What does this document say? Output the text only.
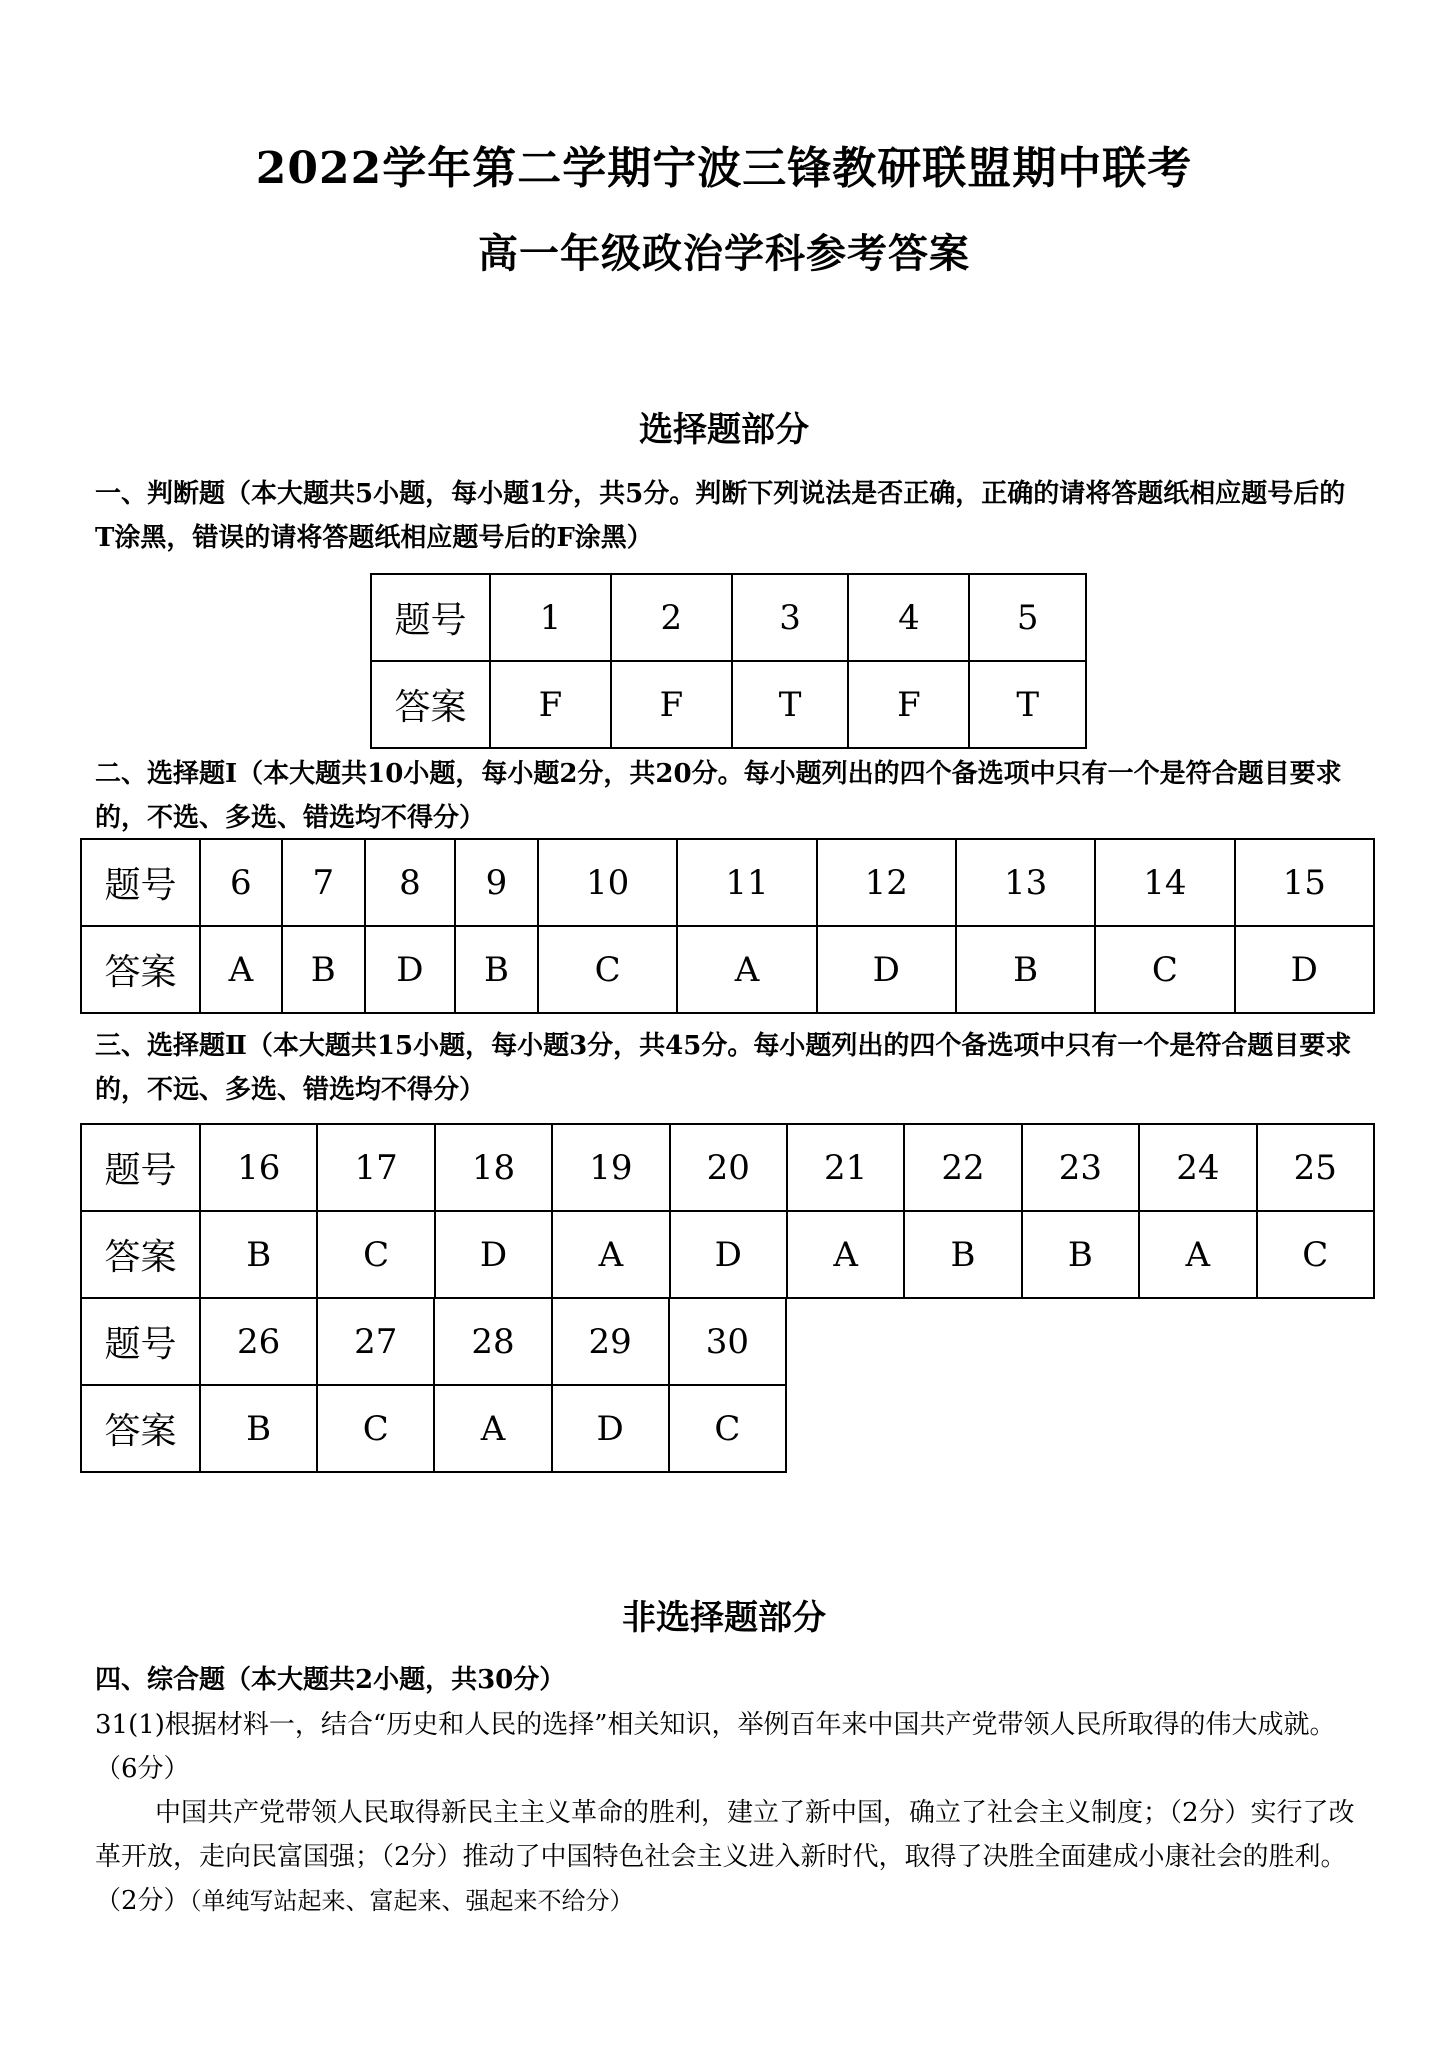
2022学年第二学期宁波三锋教研联盟期中联考
高一年级政治学科参考答案
选择题部分
一、判断题（本大题共5小题，每小题1分，共5分。判断下列说法是否正确，正确的请将答题纸相应题号后的T涂黑，错误的请将答题纸相应题号后的F涂黑）
题号	1	2	3	4	5
答案	F	F	T	F	T
二、选择题Ⅰ（本大题共10小题，每小题2分，共20分。每小题列出的四个备选项中只有一个是符合题目要求的，不选、多选、错选均不得分）
题号	6	7	8	9	10	11	12	13	14	15
答案	A	B	D	B	C	A	D	B	C	D
三、选择题Ⅱ（本大题共15小题，每小题3分，共45分。每小题列出的四个备选项中只有一个是符合题目要求的，不远、多选、错选均不得分）
题号	16	17	18	19	20	21	22	23	24	25
答案	B	C	D	A	D	A	B	B	A	C
题号	26	27	28	29	30
答案	B	C	A	D	C
非选择题部分
四、综合题（本大题共2小题，共30分）
31(1)根据材料一，结合“历史和人民的选择”相关知识，举例百年来中国共产党带领人民所取得的伟大成就。（6分）
中国共产党带领人民取得新民主主义革命的胜利，建立了新中国，确立了社会主义制度；（2分）实行了改革开放，走向民富国强；（2分）推动了中国特色社会主义进入新时代，取得了决胜全面建成小康社会的胜利。（2分）（单纯写站起来、富起来、强起来不给分）
